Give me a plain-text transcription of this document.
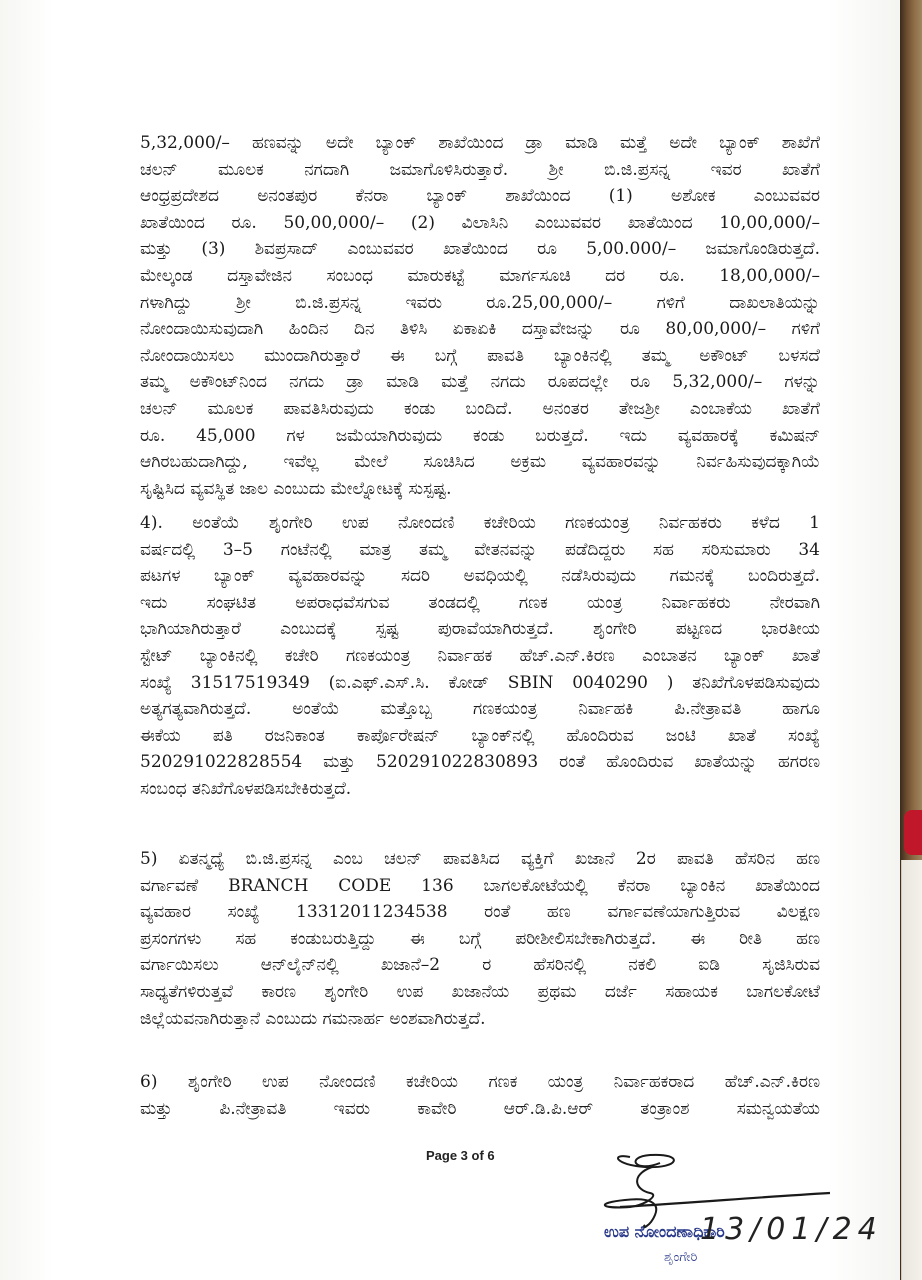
5,32,000/– ಹಣವನ್ನು ಅದೇ ಬ್ಯಾಂಕ್ ಶಾಖೆಯಿಂದ ಡ್ರಾ ಮಾಡಿ ಮತ್ತೆ ಅದೇ ಬ್ಯಾಂಕ್ ಶಾಖೆಗೆ
ಚಲನ್ ಮೂಲಕ ನಗದಾಗಿ ಜಮಾಗೊಳಿಸಿರುತ್ತಾರೆ. ಶ್ರೀ ಬಿ.ಜಿ.ಪ್ರಸನ್ನ ಇವರ ಖಾತೆಗೆ
ಆಂಧ್ರಪ್ರದೇಶದ ಅನಂತಪುರ ಕೆನರಾ ಬ್ಯಾಂಕ್ ಶಾಖೆಯಿಂದ (1) ಅಶೋಕ ಎಂಬುವವರ
ಖಾತೆಯಿಂದ ರೂ. 50,00,000/– (2) ವಿಲಾಸಿನಿ ಎಂಬುವವರ ಖಾತೆಯಿಂದ 10,00,000/–
ಮತ್ತು (3) ಶಿವಪ್ರಸಾದ್ ಎಂಬುವವರ ಖಾತೆಯಿಂದ ರೂ 5,00.000/– ಜಮಾಗೊಂಡಿರುತ್ತದೆ.
ಮೇಲ್ಕಂಡ ದಸ್ತಾವೇಜಿನ ಸಂಬಂಧ ಮಾರುಕಟ್ಟೆ ಮಾರ್ಗಸೂಚಿ ದರ ರೂ. 18,00,000/–
ಗಳಾಗಿದ್ದು ಶ್ರೀ ಬಿ.ಜಿ.ಪ್ರಸನ್ನ ಇವರು ರೂ.25,00,000/– ಗಳಿಗೆ ದಾಖಲಾತಿಯನ್ನು
ನೋಂದಾಯಿಸುವುದಾಗಿ ಹಿಂದಿನ ದಿನ ತಿಳಿಸಿ ಏಕಾಏಕಿ ದಸ್ತಾವೇಜನ್ನು ರೂ 80,00,000/– ಗಳಿಗೆ
ನೋಂದಾಯಿಸಲು ಮುಂದಾಗಿರುತ್ತಾರೆ ಈ ಬಗ್ಗೆ ಪಾವತಿ ಬ್ಯಾಂಕಿನಲ್ಲಿ ತಮ್ಮ ಅಕೌಂಟ್ ಬಳಸದೆ
ತಮ್ಮ ಅಕೌಂಟ್‌ನಿಂದ ನಗದು ಡ್ರಾ ಮಾಡಿ ಮತ್ತೆ ನಗದು ರೂಪದಲ್ಲೇ ರೂ 5,32,000/– ಗಳನ್ನು
ಚಲನ್ ಮೂಲಕ ಪಾವತಿಸಿರುವುದು ಕಂಡು ಬಂದಿದೆ. ಅನಂತರ ತೇಜಶ್ರೀ ಎಂಬಾಕೆಯ ಖಾತೆಗೆ
ರೂ. 45,000 ಗಳ ಜಮೆಯಾಗಿರುವುದು ಕಂಡು ಬರುತ್ತದೆ. ಇದು ವ್ಯವಹಾರಕ್ಕೆ ಕಮಿಷನ್
ಆಗಿರಬಹುದಾಗಿದ್ದು, ಇವೆಲ್ಲ ಮೇಲೆ ಸೂಚಿಸಿದ ಅಕ್ರಮ ವ್ಯವಹಾರವನ್ನು ನಿರ್ವಹಿಸುವುದಕ್ಕಾಗಿಯೆ
ಸೃಷ್ಟಿಸಿದ ವ್ಯವಸ್ಥಿತ ಜಾಲ ಎಂಬುದು ಮೇಲ್ನೋಟಕ್ಕೆ ಸುಸ್ಪಷ್ಟ.
4). ಅಂತೆಯೆ ಶೃಂಗೇರಿ ಉಪ ನೋಂದಣಿ ಕಚೇರಿಯ ಗಣಕಯಂತ್ರ ನಿರ್ವಹಕರು ಕಳೆದ 1
ವರ್ಷದಲ್ಲಿ 3–5 ಗಂಟೆನಲ್ಲಿ ಮಾತ್ರ ತಮ್ಮ ವೇತನವನ್ನು ಪಡೆದಿದ್ದರು ಸಹ ಸರಿಸುಮಾರು 34
ಪಟಗಳ ಬ್ಯಾಂಕ್ ವ್ಯವಹಾರವನ್ನು ಸದರಿ ಅವಧಿಯಲ್ಲಿ ನಡೆಸಿರುವುದು ಗಮನಕ್ಕೆ ಬಂದಿರುತ್ತದೆ.
ಇದು ಸಂಘಟಿತ ಅಪರಾಧವೆಸಗುವ ತಂಡದಲ್ಲಿ ಗಣಕ ಯಂತ್ರ ನಿರ್ವಾಹಕರು ನೇರವಾಗಿ
ಭಾಗಿಯಾಗಿರುತ್ತಾರೆ ಎಂಬುದಕ್ಕೆ ಸ್ಪಷ್ಟ ಪುರಾವೆಯಾಗಿರುತ್ತದೆ. ಶೃಂಗೇರಿ ಪಟ್ಟಣದ ಭಾರತೀಯ
ಸ್ಟೇಟ್ ಬ್ಯಾಂಕಿನಲ್ಲಿ ಕಚೇರಿ ಗಣಕಯಂತ್ರ ನಿರ್ವಾಹಕ ಹೆಚ್.ಎನ್.ಕಿರಣ ಎಂಬಾತನ ಬ್ಯಾಂಕ್ ಖಾತೆ
ಸಂಖ್ಯೆ 31517519349 (ಐ.ಎಫ್.ಎಸ್.ಸಿ. ಕೋಡ್ SBIN 0040290 ) ತನಿಖೆಗೊಳಪಡಿಸುವುದು
ಅತ್ಯಗತ್ಯವಾಗಿರುತ್ತದೆ. ಅಂತೆಯೆ ಮತ್ತೊಬ್ಬ ಗಣಕಯಂತ್ರ ನಿರ್ವಾಹಕಿ ಪಿ.ನೇತ್ರಾವತಿ ಹಾಗೂ
ಈಕೆಯ ಪತಿ ರಜನಿಕಾಂತ ಕಾರ್ಪೊರೇಷನ್ ಬ್ಯಾಂಕ್‌ನಲ್ಲಿ ಹೊಂದಿರುವ ಜಂಟಿ ಖಾತೆ ಸಂಖ್ಯೆ
520291022828554 ಮತ್ತು 520291022830893 ರಂತೆ ಹೊಂದಿರುವ ಖಾತೆಯನ್ನು ಹಗರಣ
ಸಂಬಂಧ ತನಿಖೆಗೊಳಪಡಿಸಬೇಕಿರುತ್ತದೆ.
5) ಏತನ್ಮಧ್ಯೆ ಬಿ.ಜಿ.ಪ್ರಸನ್ನ ಎಂಬ ಚಲನ್ ಪಾವತಿಸಿದ ವ್ಯಕ್ತಿಗೆ ಖಜಾನೆ 2ರ ಪಾವತಿ ಹೆಸರಿನ ಹಣ
ವರ್ಗಾವಣೆ BRANCH CODE 136 ಬಾಗಲಕೋಟೆಯಲ್ಲಿ ಕೆನರಾ ಬ್ಯಾಂಕಿನ ಖಾತೆಯಿಂದ
ವ್ಯವಹಾರ ಸಂಖ್ಯೆ 13312011234538 ರಂತೆ ಹಣ ವರ್ಗಾವಣೆಯಾಗುತ್ತಿರುವ ವಿಲಕ್ಷಣ
ಪ್ರಸಂಗಗಳು ಸಹ ಕಂಡುಬರುತ್ತಿದ್ದು ಈ ಬಗ್ಗೆ ಪರೀಶೀಲಿಸಬೇಕಾಗಿರುತ್ತದೆ. ಈ ರೀತಿ ಹಣ
ವರ್ಗಾಯಿಸಲು ಆನ್‌ಲೈನ್‌ನಲ್ಲಿ ಖಜಾನೆ–2 ರ ಹೆಸರಿನಲ್ಲಿ ನಕಲಿ ಐಡಿ ಸೃಜಿಸಿರುವ
ಸಾಧ್ಯತೆಗಳಿರುತ್ತವೆ ಕಾರಣ ಶೃಂಗೇರಿ ಉಪ ಖಜಾನೆಯ ಪ್ರಥಮ ದರ್ಜೆ ಸಹಾಯಕ ಬಾಗಲಕೋಟೆ
ಜಿಲ್ಲೆಯವನಾಗಿರುತ್ತಾನೆ ಎಂಬುದು ಗಮನಾರ್ಹ ಅಂಶವಾಗಿರುತ್ತದೆ.
6) ಶೃಂಗೇರಿ ಉಪ ನೋಂದಣಿ ಕಚೇರಿಯ ಗಣಕ ಯಂತ್ರ ನಿರ್ವಾಹಕರಾದ ಹೆಚ್.ಎನ್.ಕಿರಣ
ಮತ್ತು ಪಿ.ನೇತ್ರಾವತಿ ಇವರು ಕಾವೇರಿ ಆರ್.ಡಿ.ಪಿ.ಆರ್ ತಂತ್ರಾಂಶ ಸಮನ್ವಯತೆಯ
Page 3 of 6
ಉಪ ನೋಂದಣಾಧಿಕಾರಿ
ಶೃಂಗೇರಿ
13/01/24
